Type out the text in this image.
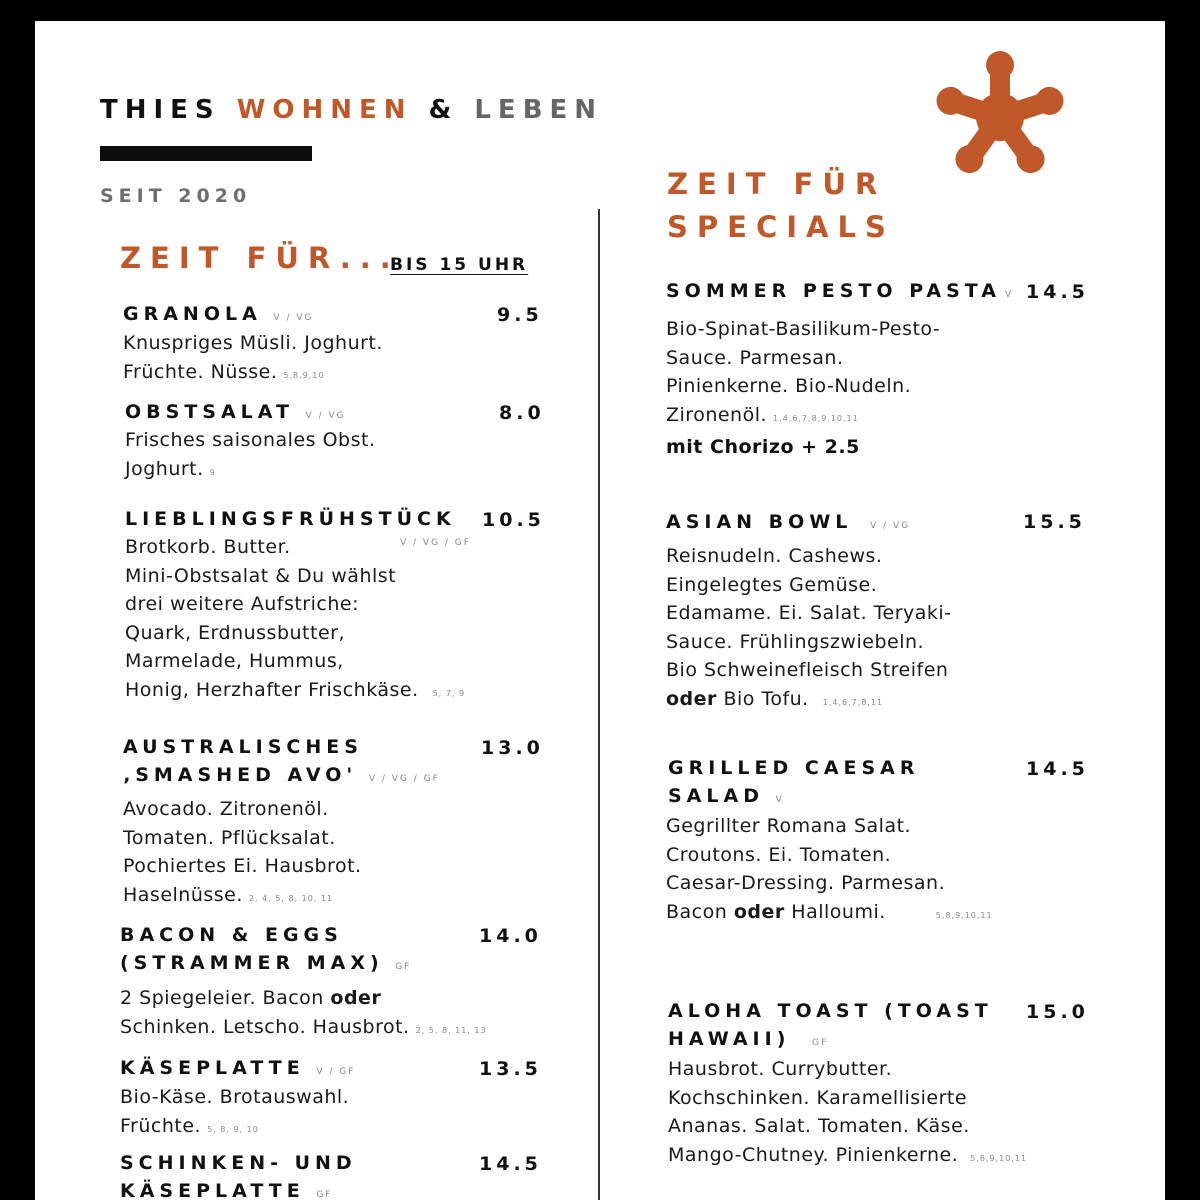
THIES WOHNEN & LEBEN
SEIT 2020
ZEIT FÜR...
BIS 15 UHR
GRANOLA V / VG	9.5
Knuspriges Müsli. Joghurt.
Früchte. Nüsse. 5,8,9,10
OBSTSALAT V / VG	8.0
Frisches saisonales Obst.
Joghurt. 9
LIEBLINGSFRÜHSTÜCK 10.5
V / VG / GF
Brotkorb. Butter.
Mini-Obstsalat & Du wählst
drei weitere Aufstriche:
Quark, Erdnussbutter,
Marmelade, Hummus,
Honig, Herzhafter Frischkäse. 5, 7, 9
AUSTRALISCHES
‚SMASHED AVO' V / VG / GF
13.0
Avocado. Zitronenöl.
Tomaten. Pflücksalat.
Pochiertes Ei. Hausbrot.
Haselnüsse. 2, 4, 5, 8, 10, 11
BACON & EGGS
(STRAMMER MAX) GF
14.0
2 Spiegeleier. Bacon oder
Schinken. Letscho. Hausbrot. 2, 5, 8, 11, 13
KÄSEPLATTE V / GF	13.5
Bio-Käse. Brotauswahl.
Früchte. 5, 8, 9, 10
SCHINKEN- UND
KÄSEPLATTE GF
14.5
ZEIT FÜR
SPECIALS
SOMMER PESTO PASTA V 14.5
Bio-Spinat-Basilikum-Pesto-
Sauce. Parmesan.
Pinienkerne. Bio-Nudeln.
Zironenöl. 1,4,6,7,8,9,10,11
mit Chorizo + 2.5
ASIAN BOWL V / VG	15.5
Reisnudeln. Cashews.
Eingelegtes Gemüse.
Edamame. Ei. Salat. Teryaki-
Sauce. Frühlingszwiebeln.
Bio Schweinefleisch Streifen
oder Bio Tofu. 1,4,6,7,8,11
GRILLED CAESAR
SALAD V
14.5
Gegrillter Romana Salat.
Croutons. Ei. Tomaten.
Caesar-Dressing. Parmesan.
Bacon oder Halloumi.	5,8,9,10,11
ALOHA TOAST (TOAST
HAWAII) GF
15.0
Hausbrot. Currybutter.
Kochschinken. Karamellisierte
Ananas. Salat. Tomaten. Käse.
Mango-Chutney. Pinienkerne. 5,8,9,10,11
